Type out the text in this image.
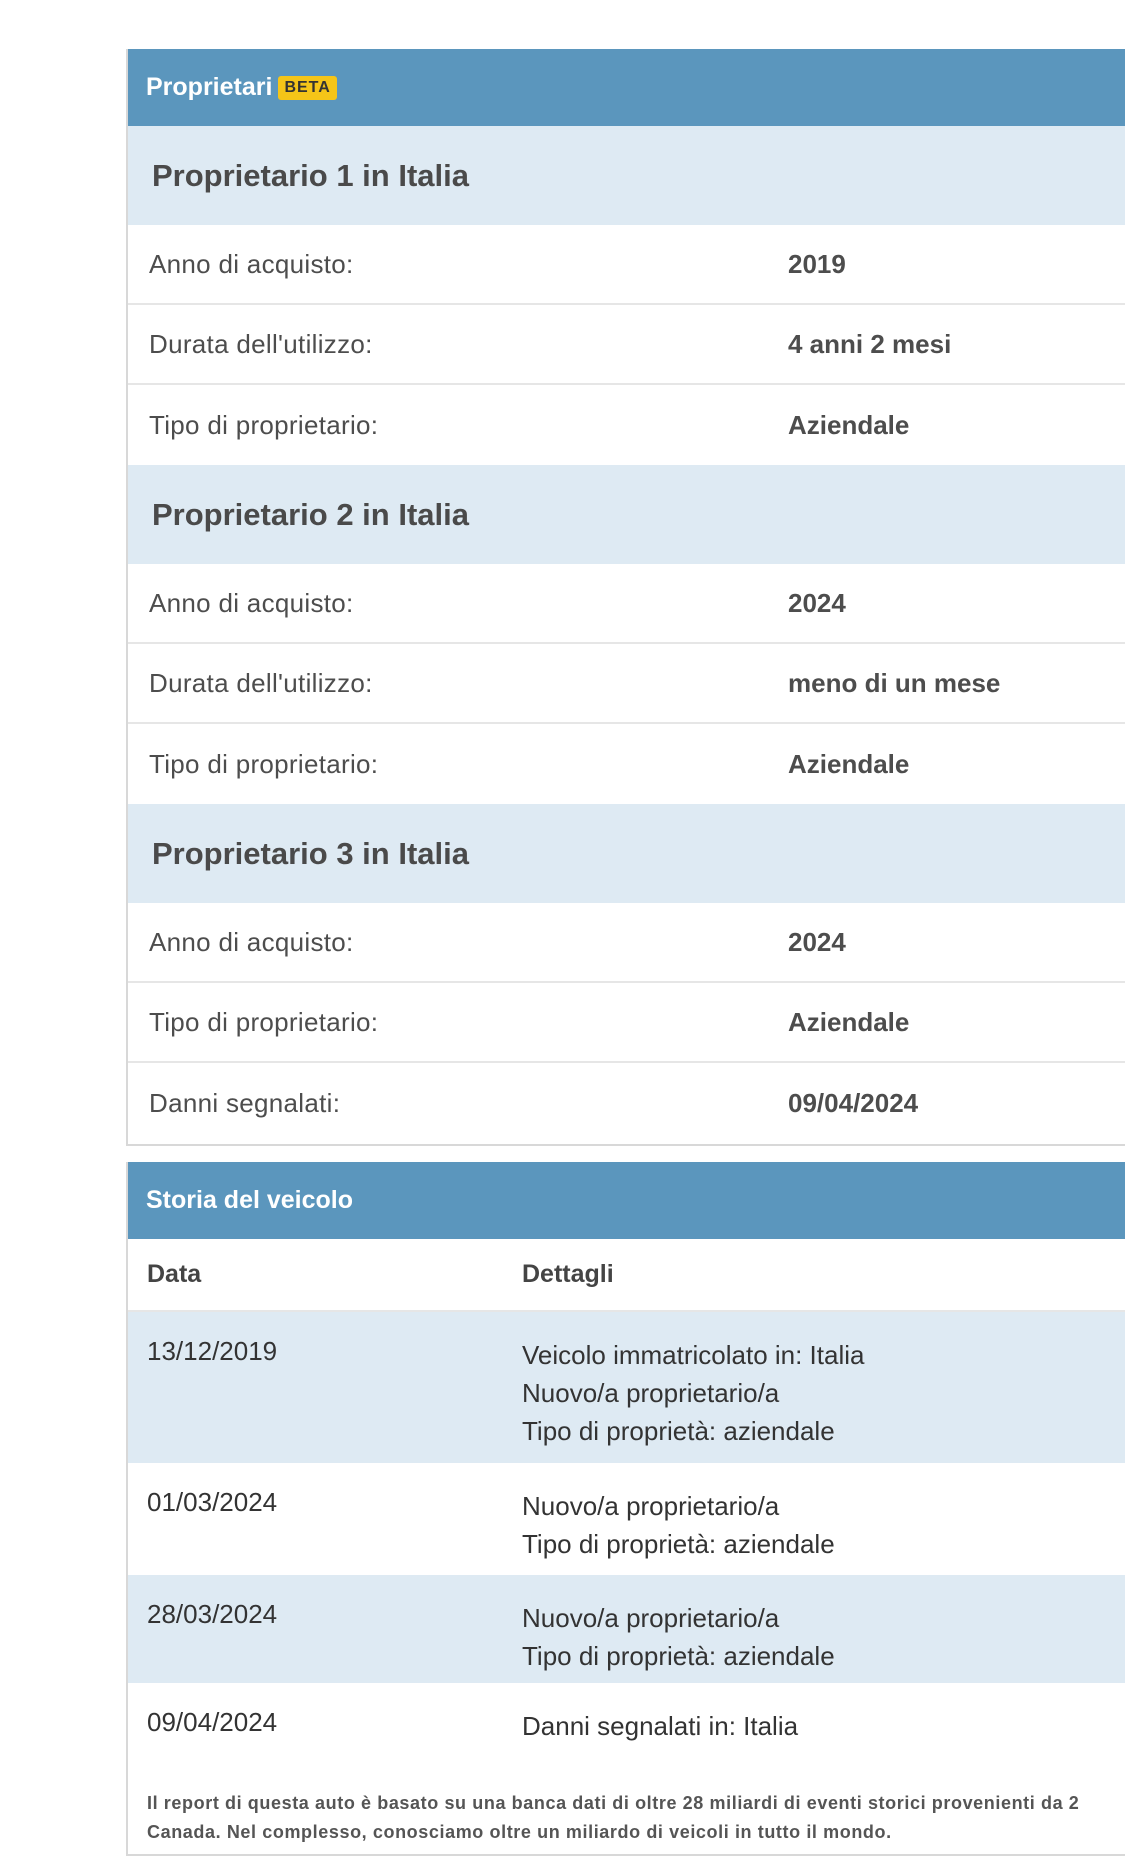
Proprietari BETA
Proprietario 1 in Italia
Anno di acquisto:	2019
Durata dell'utilizzo:	4 anni 2 mesi
Tipo di proprietario:	Aziendale
Proprietario 2 in Italia
Anno di acquisto:	2024
Durata dell'utilizzo:	meno di un mese
Tipo di proprietario:	Aziendale
Proprietario 3 in Italia
Anno di acquisto:	2024
Tipo di proprietario:	Aziendale
Danni segnalati:	09/04/2024
Storia del veicolo
Data	Dettagli
13/12/2019	Veicolo immatricolato in: Italia
Nuovo/a proprietario/a
Tipo di proprietà: aziendale
01/03/2024	Nuovo/a proprietario/a
Tipo di proprietà: aziendale
28/03/2024	Nuovo/a proprietario/a
Tipo di proprietà: aziendale
09/04/2024	Danni segnalati in: Italia
Il report di questa auto è basato su una banca dati di oltre 28 miliardi di eventi storici provenienti da 2
Canada. Nel complesso, conosciamo oltre un miliardo di veicoli in tutto il mondo.
